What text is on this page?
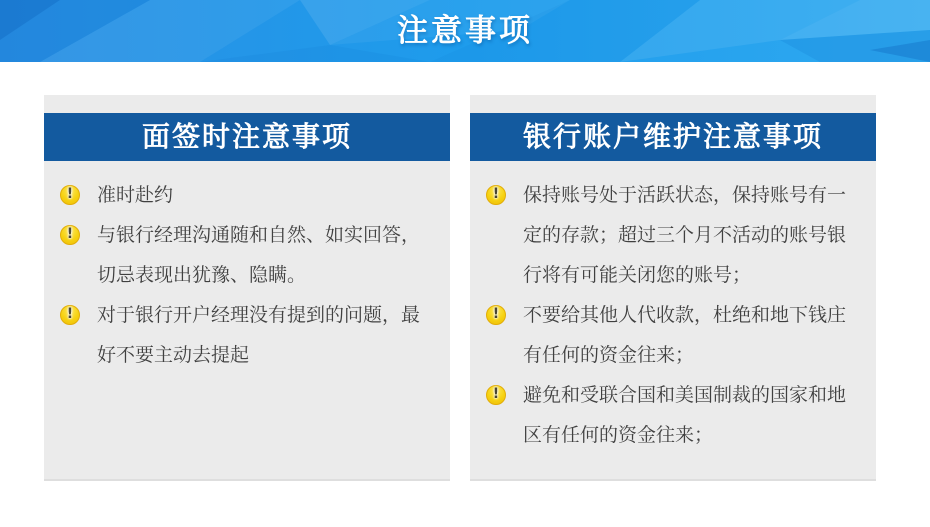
注意事项
面签时注意事项
!	准时赴约
!	与银行经理沟通随和自然、如实回答，切忌表现出犹豫、隐瞒。
!	对于银行开户经理没有提到的问题，最好不要主动去提起
银行账户维护注意事项
!	保持账号处于活跃状态，保持账号有一定的存款；超过三个月不活动的账号银行将有可能关闭您的账号；
!	不要给其他人代收款，杜绝和地下钱庄有任何的资金往来；
!	避免和受联合国和美国制裁的国家和地区有任何的资金往来；
